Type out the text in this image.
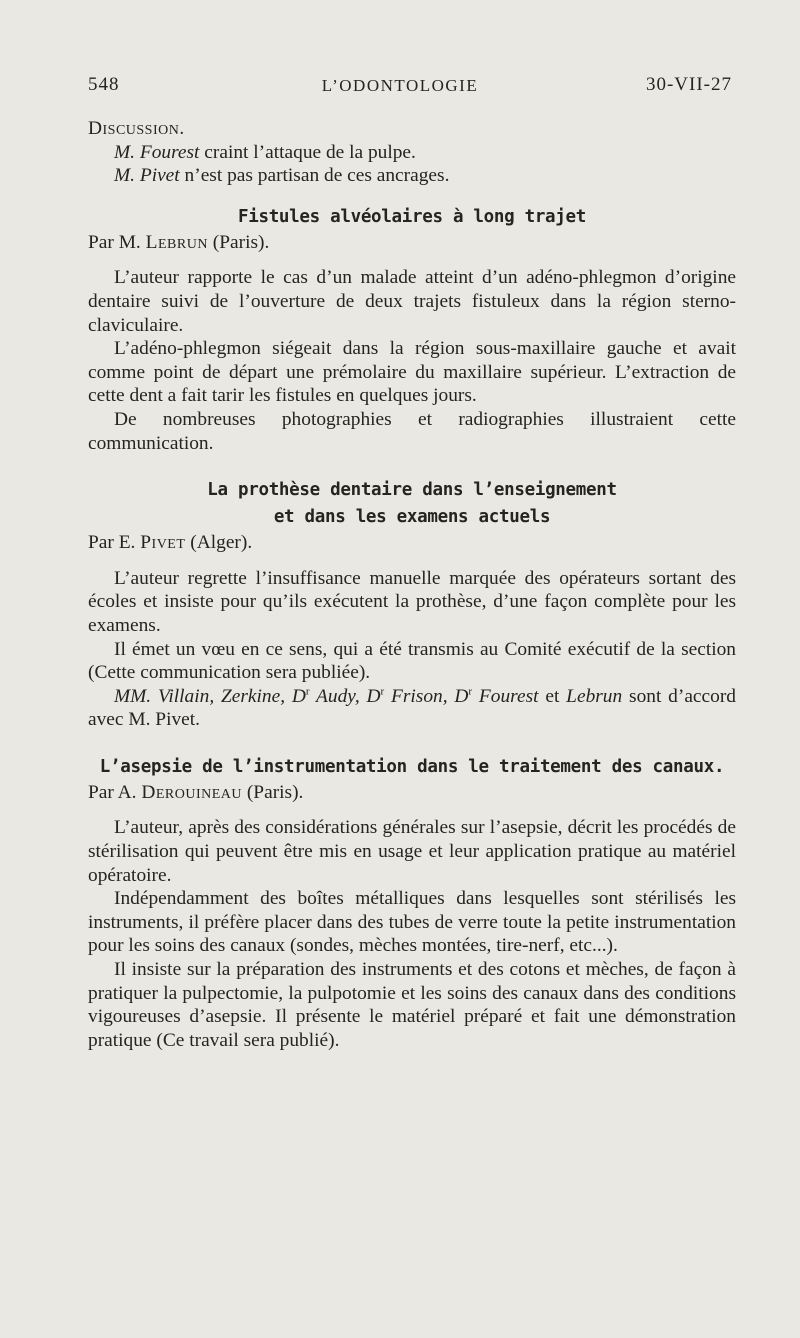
548	L’ODONTOLOGIE	30-VII-27

Discussion.

M. Fourest craint l’attaque de la pulpe.

M. Pivet n’est pas partisan de ces ancrages.

Fistules alvéolaires à long trajet

Par M. Lebrun (Paris).

L’auteur rapporte le cas d’un malade atteint d’un adéno-phlegmon d’origine dentaire suivi de l’ouverture de deux trajets fistuleux dans la région sterno-claviculaire.

L’adéno-phlegmon siégeait dans la région sous-maxillaire gauche et avait comme point de départ une prémolaire du maxillaire supérieur. L’extraction de cette dent a fait tarir les fistules en quelques jours.

De nombreuses photographies et radiographies illustraient cette communication.

La prothèse dentaire dans l’enseignement
et dans les examens actuels

Par E. Pivet (Alger).

L’auteur regrette l’insuffisance manuelle marquée des opérateurs sortant des écoles et insiste pour qu’ils exécutent la prothèse, d’une façon complète pour les examens.

Il émet un vœu en ce sens, qui a été transmis au Comité exécutif de la section (Cette communication sera publiée).

MM. Villain, Zerkine, $D^r$ Audy, $D^r$ Frison, $D^r$ Fourest et Lebrun sont d’accord avec M. Pivet.

L’asepsie de l’instrumentation dans le traitement des canaux.

Par A. Derouineau (Paris).

L’auteur, après des considérations générales sur l’asepsie, décrit les procédés de stérilisation qui peuvent être mis en usage et leur application pratique au matériel opératoire.

Indépendamment des boîtes métalliques dans lesquelles sont stérilisés les instruments, il préfère placer dans des tubes de verre toute la petite instrumentation pour les soins des canaux (sondes, mèches montées, tire-nerf, etc...).

Il insiste sur la préparation des instruments et des cotons et mèches, de façon à pratiquer la pulpectomie, la pulpotomie et les soins des canaux dans des conditions vigoureuses d’asepsie. Il présente le matériel préparé et fait une démonstration pratique (Ce travail sera publié).
